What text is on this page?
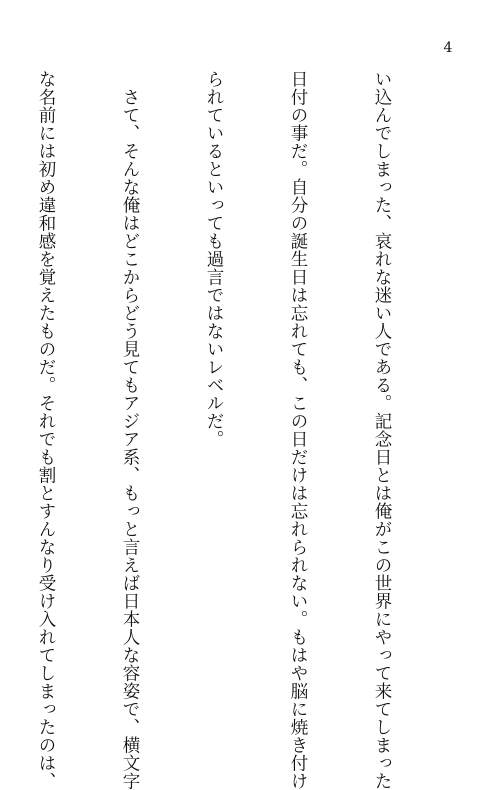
4

い込んでしまった、哀れな迷い人である。記念日とは俺がこの世界にやって来てしまった

日付の事だ。自分の誕生日は忘れても、この日だけは忘れられない。もはや脳に焼き付け

られているといっても過言ではないレベルだ。

さて、そんな俺はどこからどう見てもアジア系、もっと言えば日本人な容姿で、横文字

な名前には初め違和感を覚えたものだ。それでも割とすんなり受け入れてしまったのは、
